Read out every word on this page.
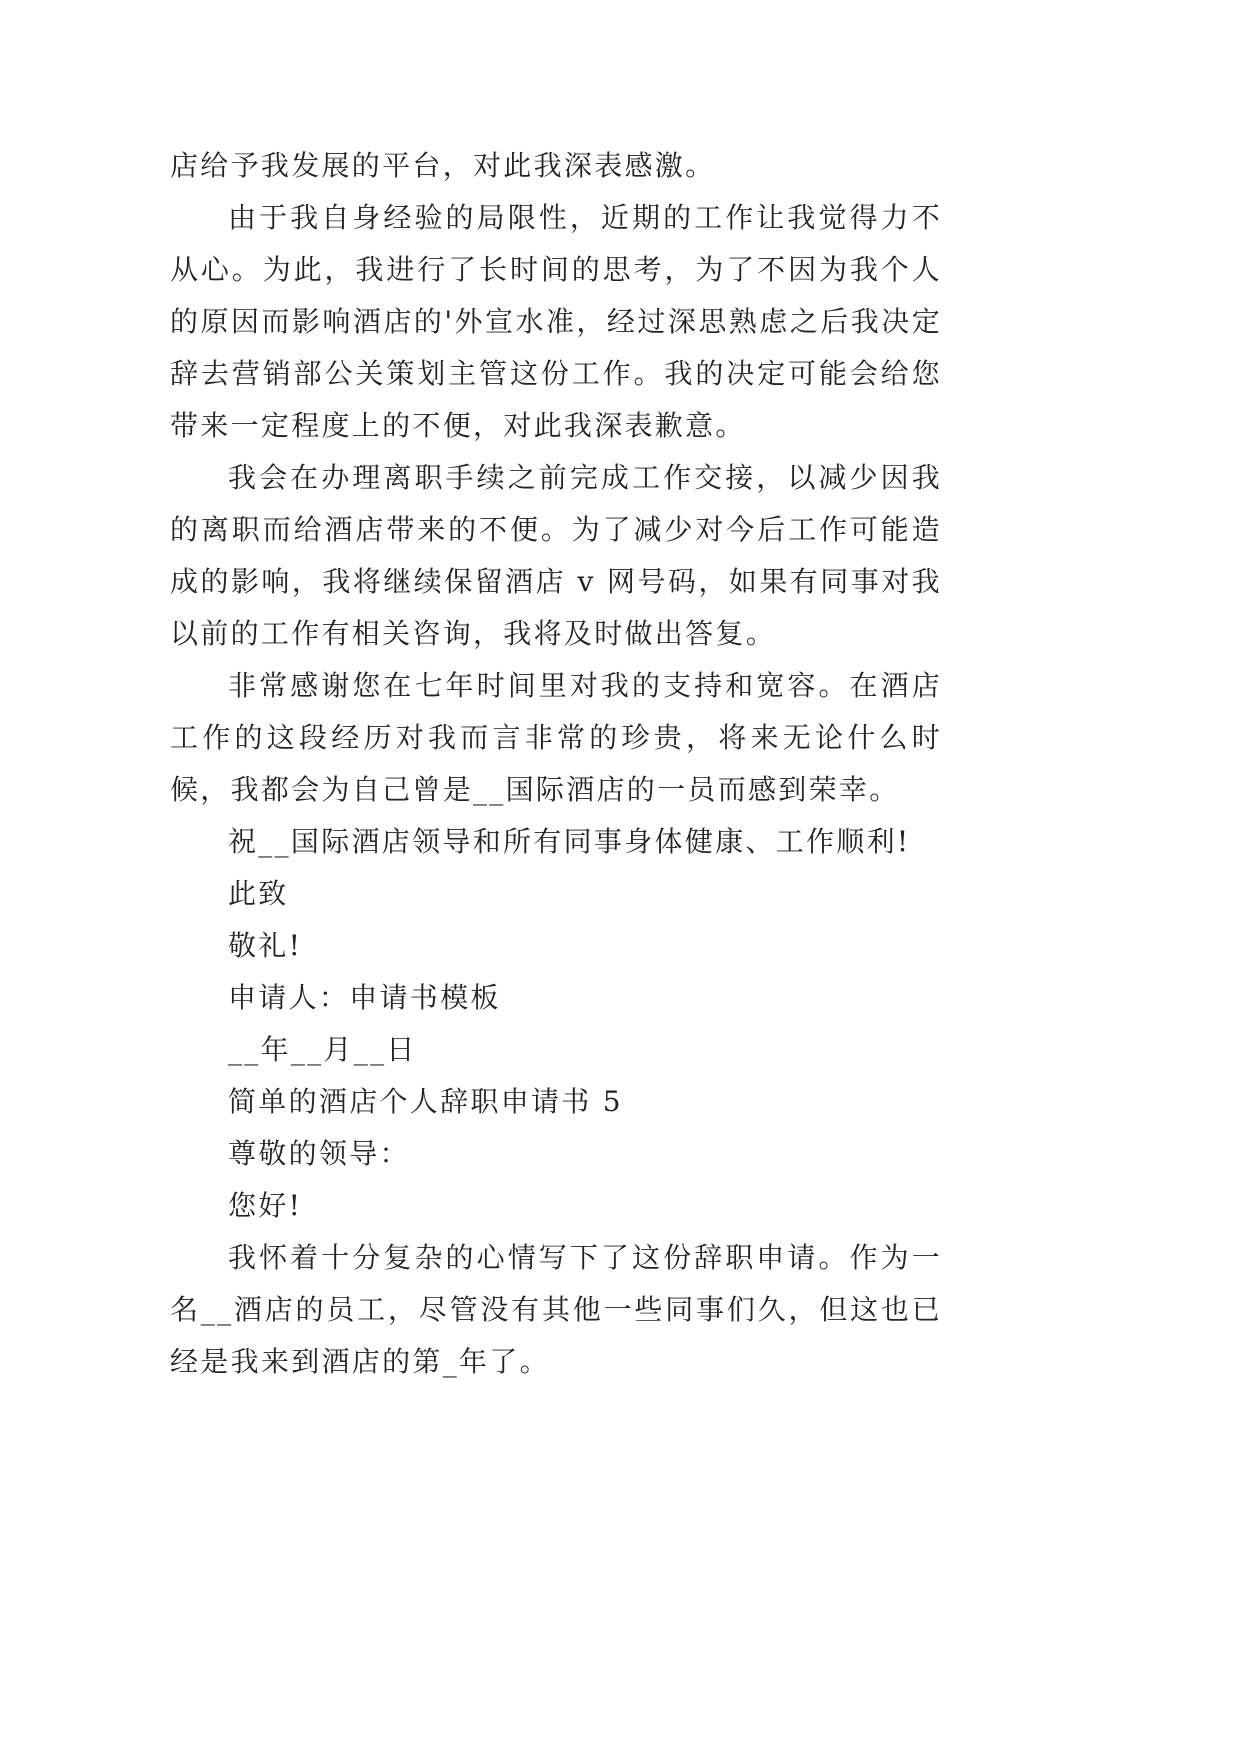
店给予我发展的平台，对此我深表感激。

由于我自身经验的局限性，近期的工作让我觉得力不从心。为此，我进行了长时间的思考，为了不因为我个人的原因而影响酒店的'外宣水准，经过深思熟虑之后我决定辞去营销部公关策划主管这份工作。我的决定可能会给您带来一定程度上的不便，对此我深表歉意。

我会在办理离职手续之前完成工作交接，以减少因我的离职而给酒店带来的不便。为了减少对今后工作可能造成的影响，我将继续保留酒店 v 网号码，如果有同事对我以前的工作有相关咨询，我将及时做出答复。

非常感谢您在七年时间里对我的支持和宽容。在酒店工作的这段经历对我而言非常的珍贵，将来无论什么时候，我都会为自己曾是__国际酒店的一员而感到荣幸。

祝__国际酒店领导和所有同事身体健康、工作顺利!

此致

敬礼!

申请人：申请书模板

__年__月__日

简单的酒店个人辞职申请书 5

尊敬的领导：

您好!

我怀着十分复杂的心情写下了这份辞职申请。作为一名__酒店的员工，尽管没有其他一些同事们久，但这也已经是我来到酒店的第_年了。
